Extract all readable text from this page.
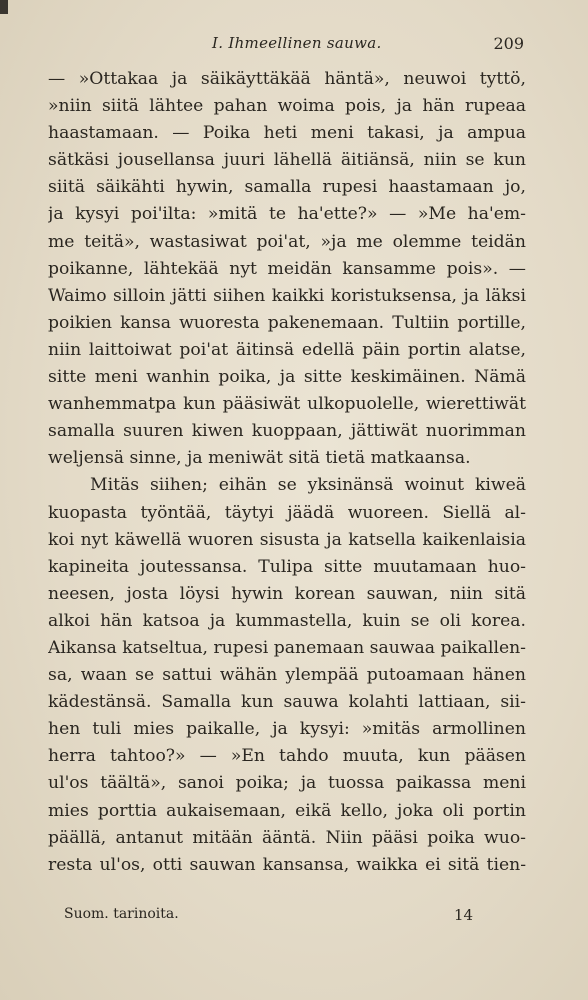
I. Ihmeellinen sauwa.	209
— »Ottakaa ja säikäyttäkää häntä», neuwoi tyttö,
»niin siitä lähtee pahan woima pois, ja hän rupeaa
haastamaan. — Poika heti meni takasi, ja ampua
sätkäsi jousellansa juuri lähellä äitiänsä, niin se kun
siitä säikähti hywin, samalla rupesi haastamaan jo,
ja kysyi poi'ilta: »mitä te ha'ette?» — »Me ha'em-
me teitä», wastasiwat poi'at, »ja me olemme teidän
poikanne, lähtekää nyt meidän kansamme pois». —
Waimo silloin jätti siihen kaikki koristuksensa, ja läksi
poikien kansa wuoresta pakenemaan. Tultiin portille,
niin laittoiwat poi'at äitinsä edellä päin portin alatse,
sitte meni wanhin poika, ja sitte keskimäinen. Nämä
wanhemmatpa kun pääsiwät ulkopuolelle, wierettiwät
samalla suuren kiwen kuoppaan, jättiwät nuorimman
weljensä sinne, ja meniwät sitä tietä matkaansa.
Mitäs siihen; eihän se yksinänsä woinut kiweä
kuopasta työntää, täytyi jäädä wuoreen. Siellä al-
koi nyt käwellä wuoren sisusta ja katsella kaikenlaisia
kapineita joutessansa. Tulipa sitte muutamaan huo-
neesen, josta löysi hywin korean sauwan, niin sitä
alkoi hän katsoa ja kummastella, kuin se oli korea.
Aikansa katseltua, rupesi panemaan sauwaa paikallen-
sa, waan se sattui wähän ylempää putoamaan hänen
kädestänsä. Samalla kun sauwa kolahti lattiaan, sii-
hen tuli mies paikalle, ja kysyi: »mitäs armollinen
herra tahtoo?» — »En tahdo muuta, kun pääsen
ul'os täältä», sanoi poika; ja tuossa paikassa meni
mies porttia aukaisemaan, eikä kello, joka oli portin
päällä, antanut mitään ääntä. Niin pääsi poika wuo-
resta ul'os, otti sauwan kansansa, waikka ei sitä tien-
Suom. tarinoita.	14
